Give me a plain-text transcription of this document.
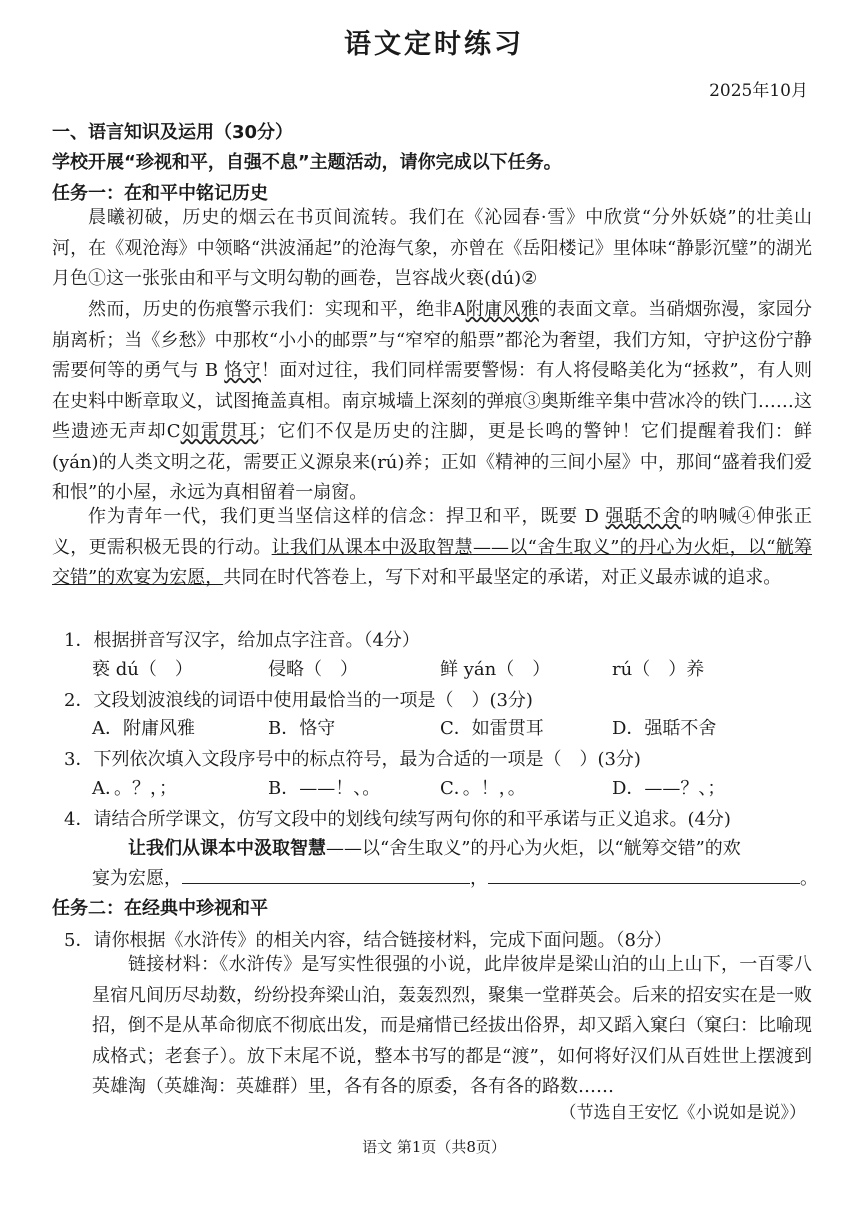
语文定时练习
2025年10月
一、语言知识及运用（30分）
学校开展“珍视和平，自强不息”主题活动，请你完成以下任务。
任务一：在和平中铭记历史

晨曦初破，历史的烟云在书页间流转。我们在《沁园春·雪》中欣赏“分外妖娆”的壮美山河，在《观沧海》中领略“洪波涌起”的沧海气象，亦曾在《岳阳楼记》里体味“静影沉璧”的湖光月色①这一张张由和平与文明勾勒的画卷，岂容战火亵(dú)②

然而，历史的伤痕警示我们：实现和平，绝非A附庸风雅的表面文章。当硝烟弥漫，家园分崩离析；当《乡愁》中那枚“小小的邮票”与“窄窄的船票”都沦为奢望，我们方知，守护这份宁静需要何等的勇气与 B 恪守！面对过往，我们同样需要警惕：有人将侵略美化为“拯救”，有人则在史料中断章取义，试图掩盖真相。南京城墙上深刻的弹痕③奥斯维辛集中营冰冷的铁门……这些遗迹无声却C如雷贯耳；它们不仅是历史的注脚，更是长鸣的警钟！它们提醒着我们：鲜(yán)的人类文明之花，需要正义源泉来(rú)养；正如《精神的三间小屋》中，那间“盛着我们爱和恨”的小屋，永远为真相留着一扇窗。

作为青年一代，我们更当坚信这样的信念：捍卫和平，既要 D 强聒不舍的呐喊④伸张正义，更需积极无畏的行动。让我们从课本中汲取智慧——以“舍生取义”的丹心为火炬，以“觥筹交错”的欢宴为宏愿，共同在时代答卷上，写下对和平最坚定的承诺，对正义最赤诚的追求。

1．根据拼音写汉字，给加点字注音。（4分）
亵 dú（　）	侵略（　）	鲜 yán（　）	rú（　）养
2．文段划波浪线的词语中使用最恰当的一项是（　）(3分)
A．附庸风雅	B．恪守	C．如雷贯耳	D．强聒不舍
3．下列依次填入文段序号中的标点符号，最为合适的一项是（　）(3分)
A．。？，；	B．——！、。	C．。！，。	D．——？、；
4．请结合所学课文，仿写文段中的划线句续写两句你的和平承诺与正义追求。(4分)
让我们从课本中汲取智慧——以“舍生取义”的丹心为火炬，以“觥筹交错”的欢
宴为宏愿，	，	。
任务二：在经典中珍视和平
5．请你根据《水浒传》的相关内容，结合链接材料，完成下面问题。（8分）

链接材料：《水浒传》是写实性很强的小说，此岸彼岸是梁山泊的山上山下，一百零八星宿凡间历尽劫数，纷纷投奔梁山泊，轰轰烈烈，聚集一堂群英会。后来的招安实在是一败招，倒不是从革命彻底不彻底出发，而是痛惜已经拔出俗界，却又蹈入窠臼（窠臼：比喻现成格式；老套子）。放下末尾不说，整本书写的都是“渡”，如何将好汉们从百姓世上摆渡到英雄淘（英雄淘：英雄群）里，各有各的原委，各有各的路数……

（节选自王安忆《小说如是说》）
语文 第1页（共8页）
